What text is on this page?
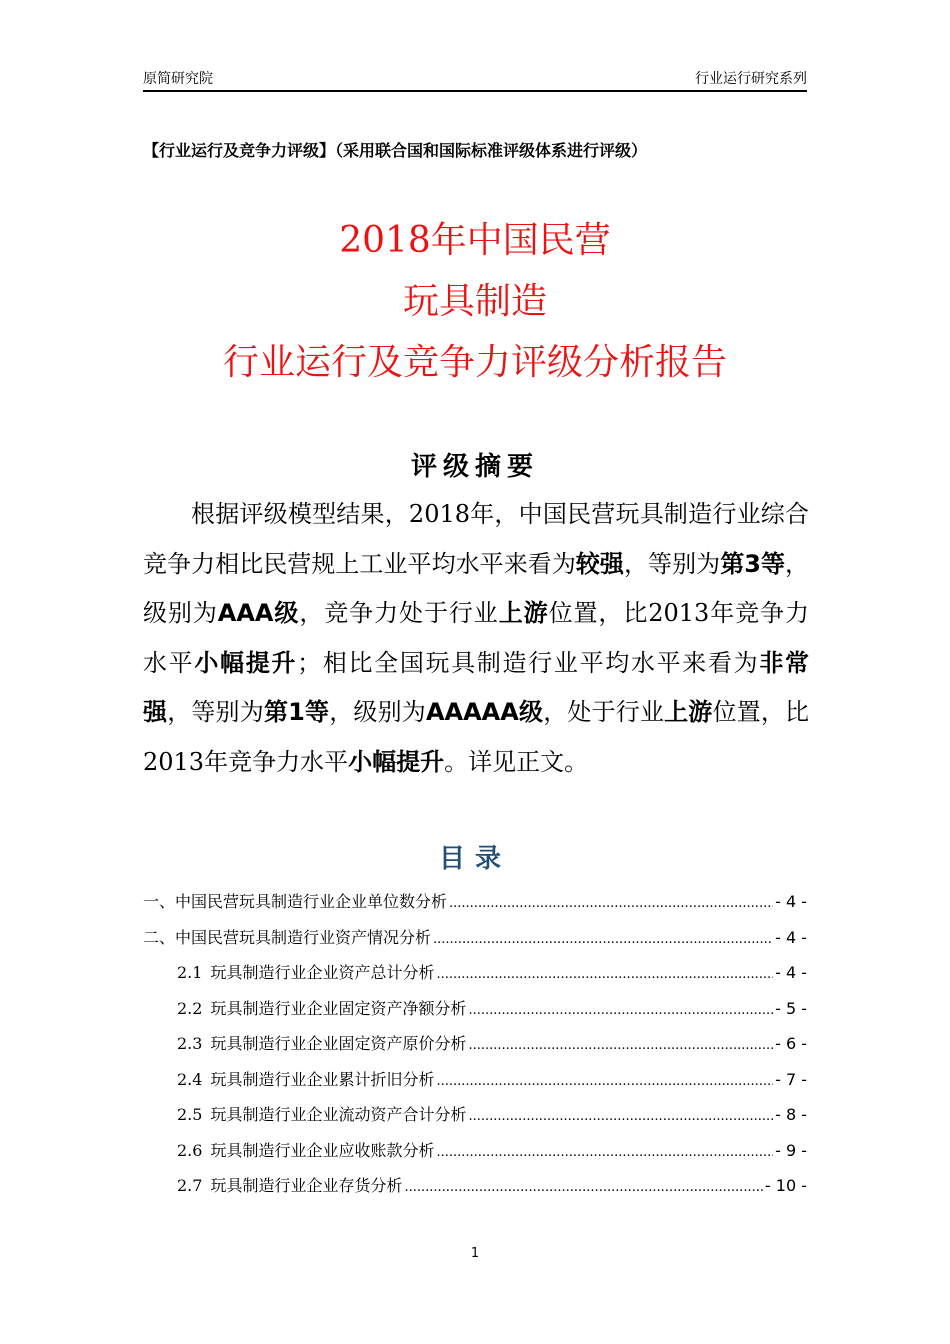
原简研究院	行业运行研究系列
【行业运行及竞争力评级】（采用联合国和国际标准评级体系进行评级）
2018年中国民营
玩具制造
行业运行及竞争力评级分析报告
评级摘要

根据评级模型结果，2018年，中国民营玩具制造行业综合竞争力相比民营规上工业平均水平来看为较强，等别为第3等，级别为AAA级，竞争力处于行业上游位置，比2013年竞争力水平小幅提升；相比全国玩具制造行业平均水平来看为非常强，等别为第1等，级别为AAAAA级，处于行业上游位置，比2013年竞争力水平小幅提升。详见正文。

目录
一、中国民营玩具制造行业企业单位数分析 .....	- 4 -
二、中国民营玩具制造行业资产情况分析 .....	- 4 -
2.1 玩具制造行业企业资产总计分析 .....	- 4 -
2.2 玩具制造行业企业固定资产净额分析 .....	- 5 -
2.3 玩具制造行业企业固定资产原价分析 .....	- 6 -
2.4 玩具制造行业企业累计折旧分析 .....	- 7 -
2.5 玩具制造行业企业流动资产合计分析 .....	- 8 -
2.6 玩具制造行业企业应收账款分析 .....	- 9 -
2.7 玩具制造行业企业存货分析 .....	- 10 -
1
